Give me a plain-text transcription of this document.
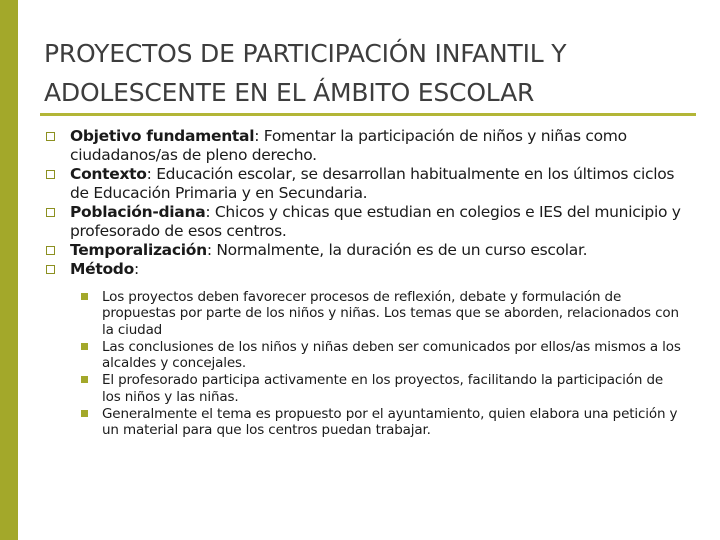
PROYECTOS DE PARTICIPACIÓN INFANTIL Y ADOLESCENTE EN EL ÁMBITO ESCOLAR
Objetivo fundamental: Fomentar la participación de niños y niñas como ciudadanos/as de pleno derecho.
Contexto: Educación escolar, se desarrollan habitualmente en los últimos ciclos de Educación Primaria y en Secundaria.
Población-diana: Chicos y chicas que estudian en colegios e IES del municipio y profesorado de esos centros.
Temporalización: Normalmente, la duración es de un curso escolar.
Método:
Los proyectos deben favorecer procesos de reflexión, debate y formulación de propuestas por parte de los niños y niñas. Los temas que se aborden, relacionados con la ciudad
Las conclusiones de los niños y niñas deben ser comunicados por ellos/as mismos a los alcaldes y concejales.
El profesorado participa activamente en los proyectos, facilitando la participación de los niños y las niñas.
Generalmente el tema es propuesto por el ayuntamiento, quien elabora una petición y un material para que los centros puedan trabajar.
